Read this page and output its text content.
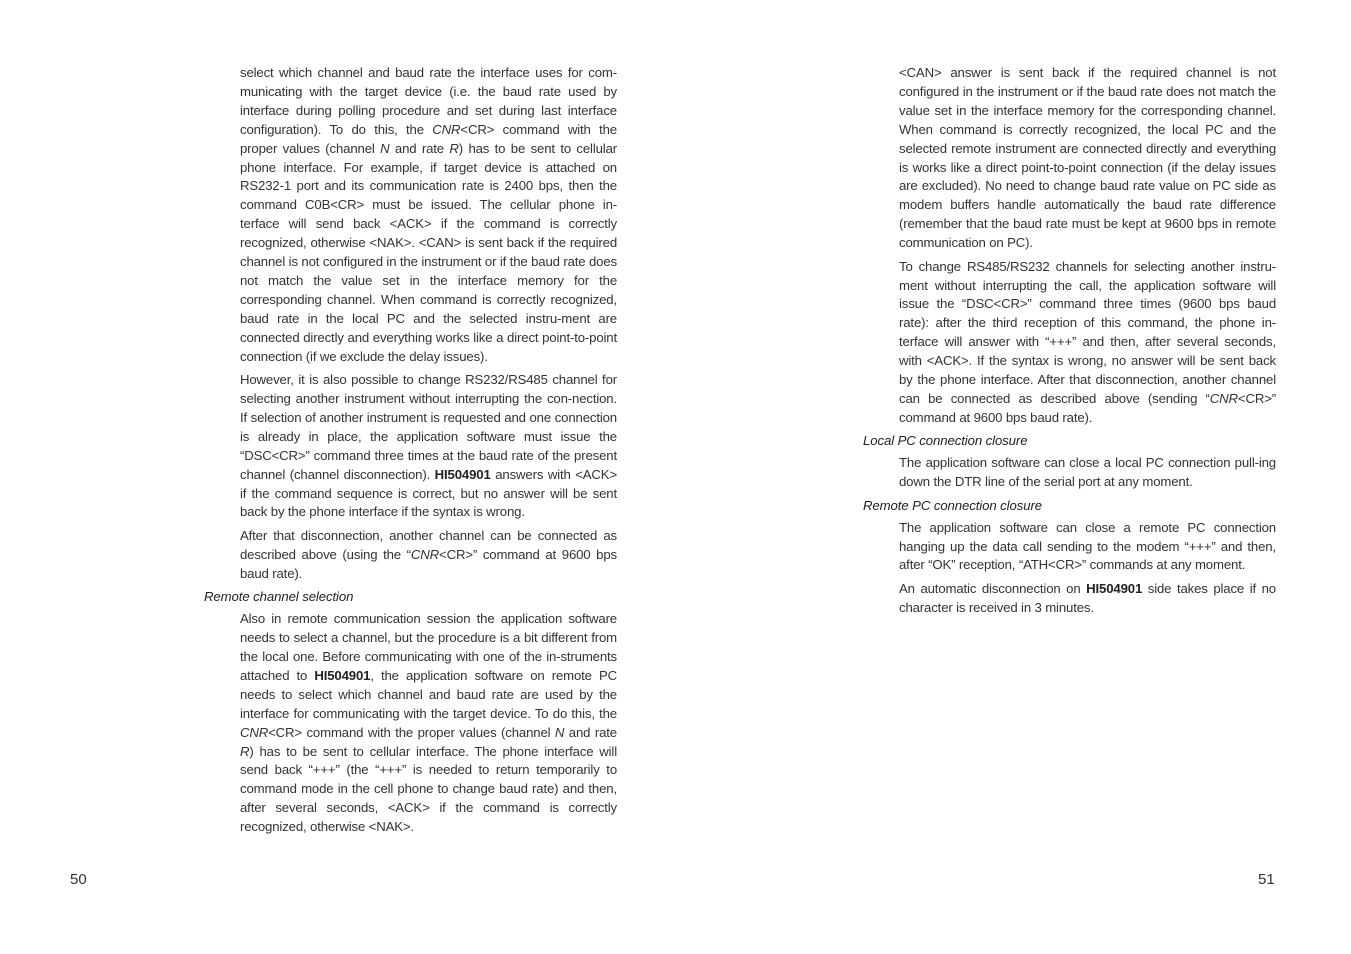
select which channel and baud rate the interface uses for com-municating with the target device (i.e. the baud rate used by interface during polling procedure and set during last interface configuration). To do this, the CNR<CR> command with the proper values (channel N and rate R) has to be sent to cellular phone interface. For example, if target device is attached on RS232-1 port and its communication rate is 2400 bps, then the command C0B<CR> must be issued. The cellular phone in-terface will send back <ACK> if the command is correctly recognized, otherwise <NAK>. <CAN> is sent back if the required channel is not configured in the instrument or if the baud rate does not match the value set in the interface memory for the corresponding channel. When command is correctly recognized, baud rate in the local PC and the selected instru-ment are connected directly and everything works like a direct point-to-point connection (if we exclude the delay issues).

However, it is also possible to change RS232/RS485 channel for selecting another instrument without interrupting the con-nection. If selection of another instrument is requested and one connection is already in place, the application software must issue the “DSC<CR>” command three times at the baud rate of the present channel (channel disconnection). HI504901 answers with <ACK> if the command sequence is correct, but no answer will be sent back by the phone interface if the syntax is wrong.

After that disconnection, another channel can be connected as described above (using the “CNR<CR>” command at 9600 bps baud rate).

Remote channel selection

Also in remote communication session the application software needs to select a channel, but the procedure is a bit different from the local one. Before communicating with one of the in-struments attached to HI504901, the application software on remote PC needs to select which channel and baud rate are used by the interface for communicating with the target device. To do this, the CNR<CR> command with the proper values (channel N and rate R) has to be sent to cellular interface. The phone interface will send back “+++” (the “+++” is needed to return temporarily to command mode in the cell phone to change baud rate) and then, after several seconds, <ACK> if the command is correctly recognized, otherwise <NAK>.

50

<CAN> answer is sent back if the required channel is not configured in the instrument or if the baud rate does not match the value set in the interface memory for the corresponding channel. When command is correctly recognized, the local PC and the selected remote instrument are connected directly and everything is works like a direct point-to-point connection (if the delay issues are excluded). No need to change baud rate value on PC side as modem buffers handle automatically the baud rate difference (remember that the baud rate must be kept at 9600 bps in remote communication on PC).

To change RS485/RS232 channels for selecting another instru-ment without interrupting the call, the application software will issue the “DSC<CR>” command three times (9600 bps baud rate): after the third reception of this command, the phone in-terface will answer with “+++” and then, after several seconds, with <ACK>. If the syntax is wrong, no answer will be sent back by the phone interface. After that disconnection, another channel can be connected as described above (sending “CNR<CR>” command at 9600 bps baud rate).

Local PC connection closure

The application software can close a local PC connection pull-ing down the DTR line of the serial port at any moment.

Remote PC connection closure

The application software can close a remote PC connection hanging up the data call sending to the modem “+++” and then, after “OK” reception, “ATH<CR>” commands at any moment.

An automatic disconnection on HI504901 side takes place if no character is received in 3 minutes.

51
